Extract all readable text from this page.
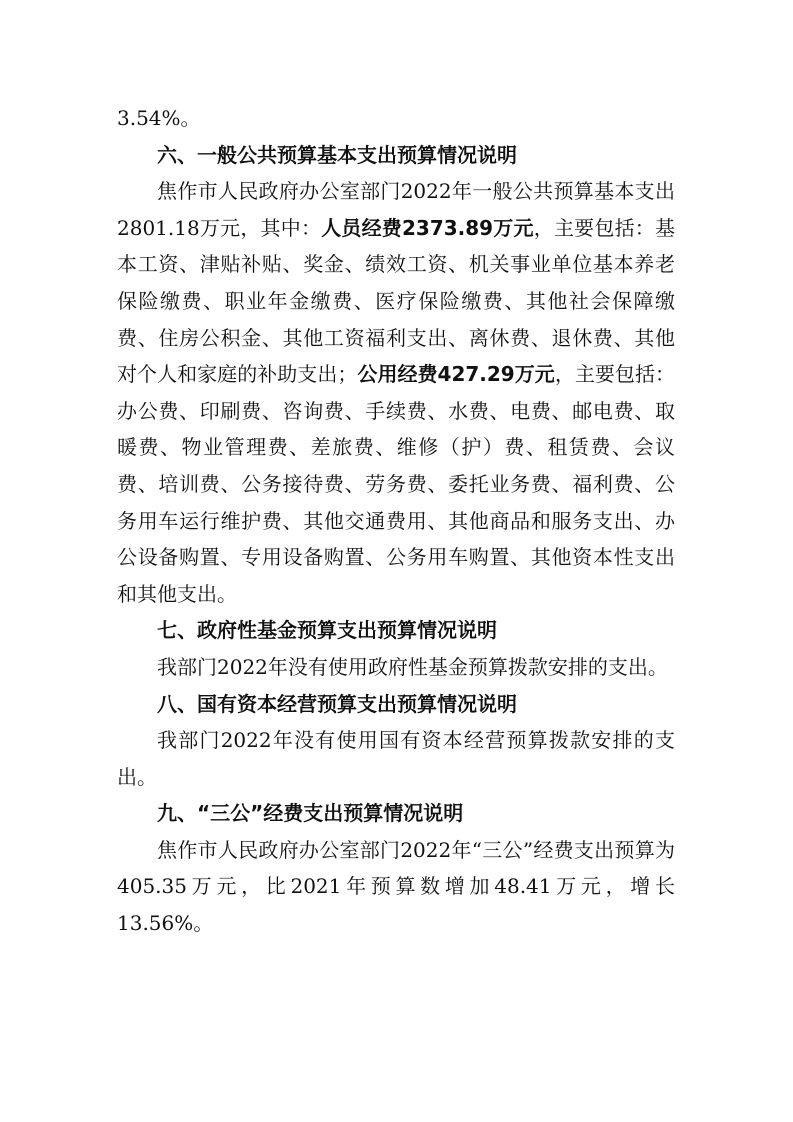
3.54%。

六、一般公共预算基本支出预算情况说明

焦作市人民政府办公室部门2022年一般公共预算基本支出2801.18万元，其中：人员经费2373.89万元，主要包括：基本工资、津贴补贴、奖金、绩效工资、机关事业单位基本养老保险缴费、职业年金缴费、医疗保险缴费、其他社会保障缴费、住房公积金、其他工资福利支出、离休费、退休费、其他对个人和家庭的补助支出；公用经费427.29万元，主要包括：办公费、印刷费、咨询费、手续费、水费、电费、邮电费、取暖费、物业管理费、差旅费、维修（护）费、租赁费、会议费、培训费、公务接待费、劳务费、委托业务费、福利费、公务用车运行维护费、其他交通费用、其他商品和服务支出、办公设备购置、专用设备购置、公务用车购置、其他资本性支出和其他支出。

七、政府性基金预算支出预算情况说明

我部门2022年没有使用政府性基金预算拨款安排的支出。

八、国有资本经营预算支出预算情况说明

我部门2022年没有使用国有资本经营预算拨款安排的支出。

九、“三公”经费支出预算情况说明

焦作市人民政府办公室部门2022年“三公”经费支出预算为405.35万元，比2021年预算数增加48.41万元，增长13.56%。
